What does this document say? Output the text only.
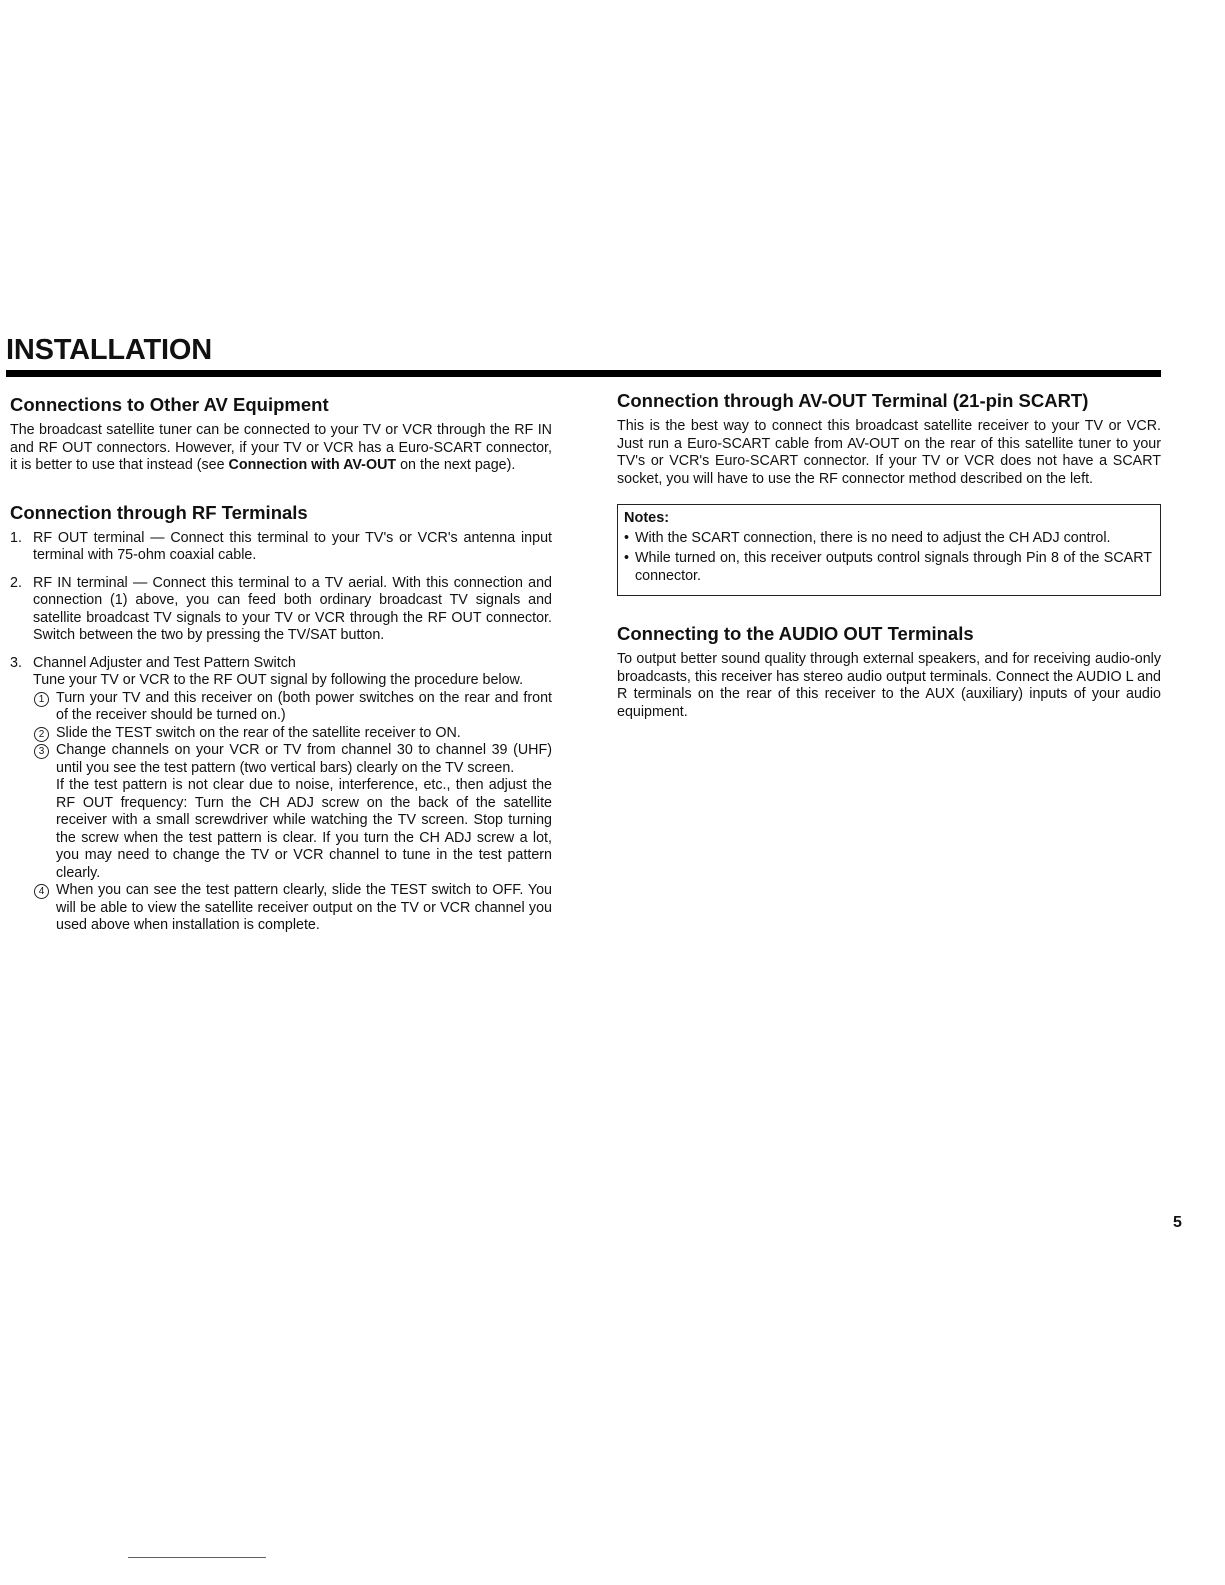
INSTALLATION
Connections to Other AV Equipment

The broadcast satellite tuner can be connected to your TV or VCR through the RF IN and RF OUT connectors. However, if your TV or VCR has a Euro-SCART connector, it is better to use that instead (see Connection with AV-OUT on the next page).

Connection through RF Terminals
1. RF OUT terminal — Connect this terminal to your TV's or VCR's antenna input terminal with 75-ohm coaxial cable.
2. RF IN terminal — Connect this terminal to a TV aerial. With this connection and connection (1) above, you can feed both ordinary broadcast TV signals and satellite broadcast TV signals to your TV or VCR through the RF OUT connector. Switch between the two by pressing the TV/SAT button.
3. Channel Adjuster and Test Pattern Switch
Tune your TV or VCR to the RF OUT signal by following the procedure below.
1 Turn your TV and this receiver on (both power switches on the rear and front of the receiver should be turned on.)
2 Slide the TEST switch on the rear of the satellite receiver to ON.
3 Change channels on your VCR or TV from channel 30 to channel 39 (UHF) until you see the test pattern (two vertical bars) clearly on the TV screen.
If the test pattern is not clear due to noise, interference, etc., then adjust the RF OUT frequency: Turn the CH ADJ screw on the back of the satellite receiver with a small screwdriver while watching the TV screen. Stop turning the screw when the test pattern is clear. If you turn the CH ADJ screw a lot, you may need to change the TV or VCR channel to tune in the test pattern clearly.
4 When you can see the test pattern clearly, slide the TEST switch to OFF. You will be able to view the satellite receiver output on the TV or VCR channel you used above when installation is complete.
Connection through AV-OUT Terminal (21-pin SCART)

This is the best way to connect this broadcast satellite receiver to your TV or VCR. Just run a Euro-SCART cable from AV-OUT on the rear of this satellite tuner to your TV's or VCR's Euro-SCART connector. If your TV or VCR does not have a SCART socket, you will have to use the RF connector method described on the left.

Notes:
• With the SCART connection, there is no need to adjust the CH ADJ control.
• While turned on, this receiver outputs control signals through Pin 8 of the SCART connector.
Connecting to the AUDIO OUT Terminals

To output better sound quality through external speakers, and for receiving audio-only broadcasts, this receiver has stereo audio output terminals. Connect the AUDIO L and R terminals on the rear of this receiver to the AUX (auxiliary) inputs of your audio equipment.

5
